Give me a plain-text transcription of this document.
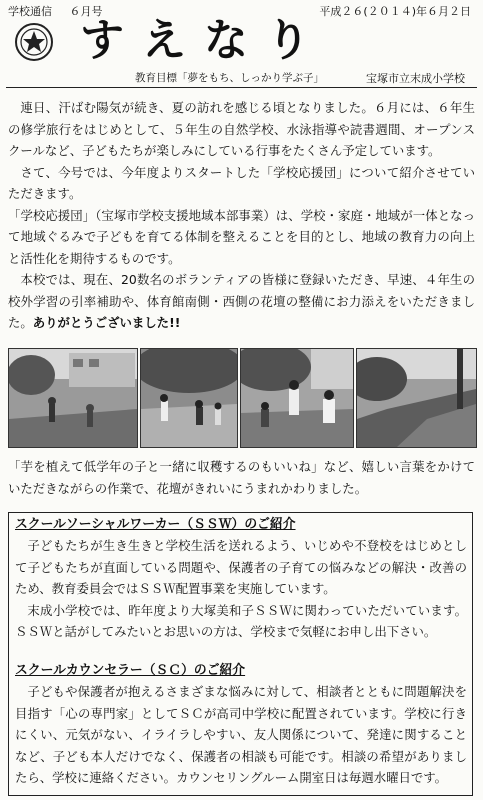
学校通信 ６月号	平成２６(２０１４)年６月２日
すえなり
教育目標「夢をもち、しっかり学ぶ子」	宝塚市立末成小学校

連日、汗ばむ陽気が続き、夏の訪れを感じる頃となりました。６月には、６年生の修学旅行をはじめとして、５年生の自然学校、水泳指導や読書週間、オープンスクールなど、子どもたちが楽しみにしている行事をたくさん予定しています。

さて、今号では、今年度よりスタートした「学校応援団」について紹介させていただきます。

「学校応援団」（宝塚市学校支援地域本部事業）は、学校・家庭・地域が一体となって地域ぐるみで子どもを育てる体制を整えることを目的とし、地域の教育力の向上と活性化を期待するものです。

本校では、現在、20数名のボランティアの皆様に登録いただき、早速、４年生の校外学習の引率補助や、体育館南側・西側の花壇の整備にお力添えをいただきました。ありがとうございました!!

「芋を植えて低学年の子と一緒に収穫するのもいいね」など、嬉しい言葉をかけていただきながらの作業で、花壇がきれいにうまれかわりました。
スクールソーシャルワーカー（ＳＳＷ）のご紹介

子どもたちが生き生きと学校生活を送れるよう、いじめや不登校をはじめとして子どもたちが直面している問題や、保護者の子育ての悩みなどの解決・改善のため、教育委員会ではＳＳＷ配置事業を実施しています。

末成小学校では、昨年度より大塚美和子ＳＳＷに関わっていただいています。ＳＳＷと話がしてみたいとお思いの方は、学校まで気軽にお申し出下さい。

スクールカウンセラー（ＳＣ）のご紹介

子どもや保護者が抱えるさまざまな悩みに対して、相談者とともに問題解決を目指す「心の専門家」としてＳＣが高司中学校に配置されています。学校に行きにくい、元気がない、イライラしやすい、友人関係について、発達に関することなど、子ども本人だけでなく、保護者の相談も可能です。相談の希望がありましたら、学校に連絡ください。カウンセリングルーム開室日は毎週水曜日です。
